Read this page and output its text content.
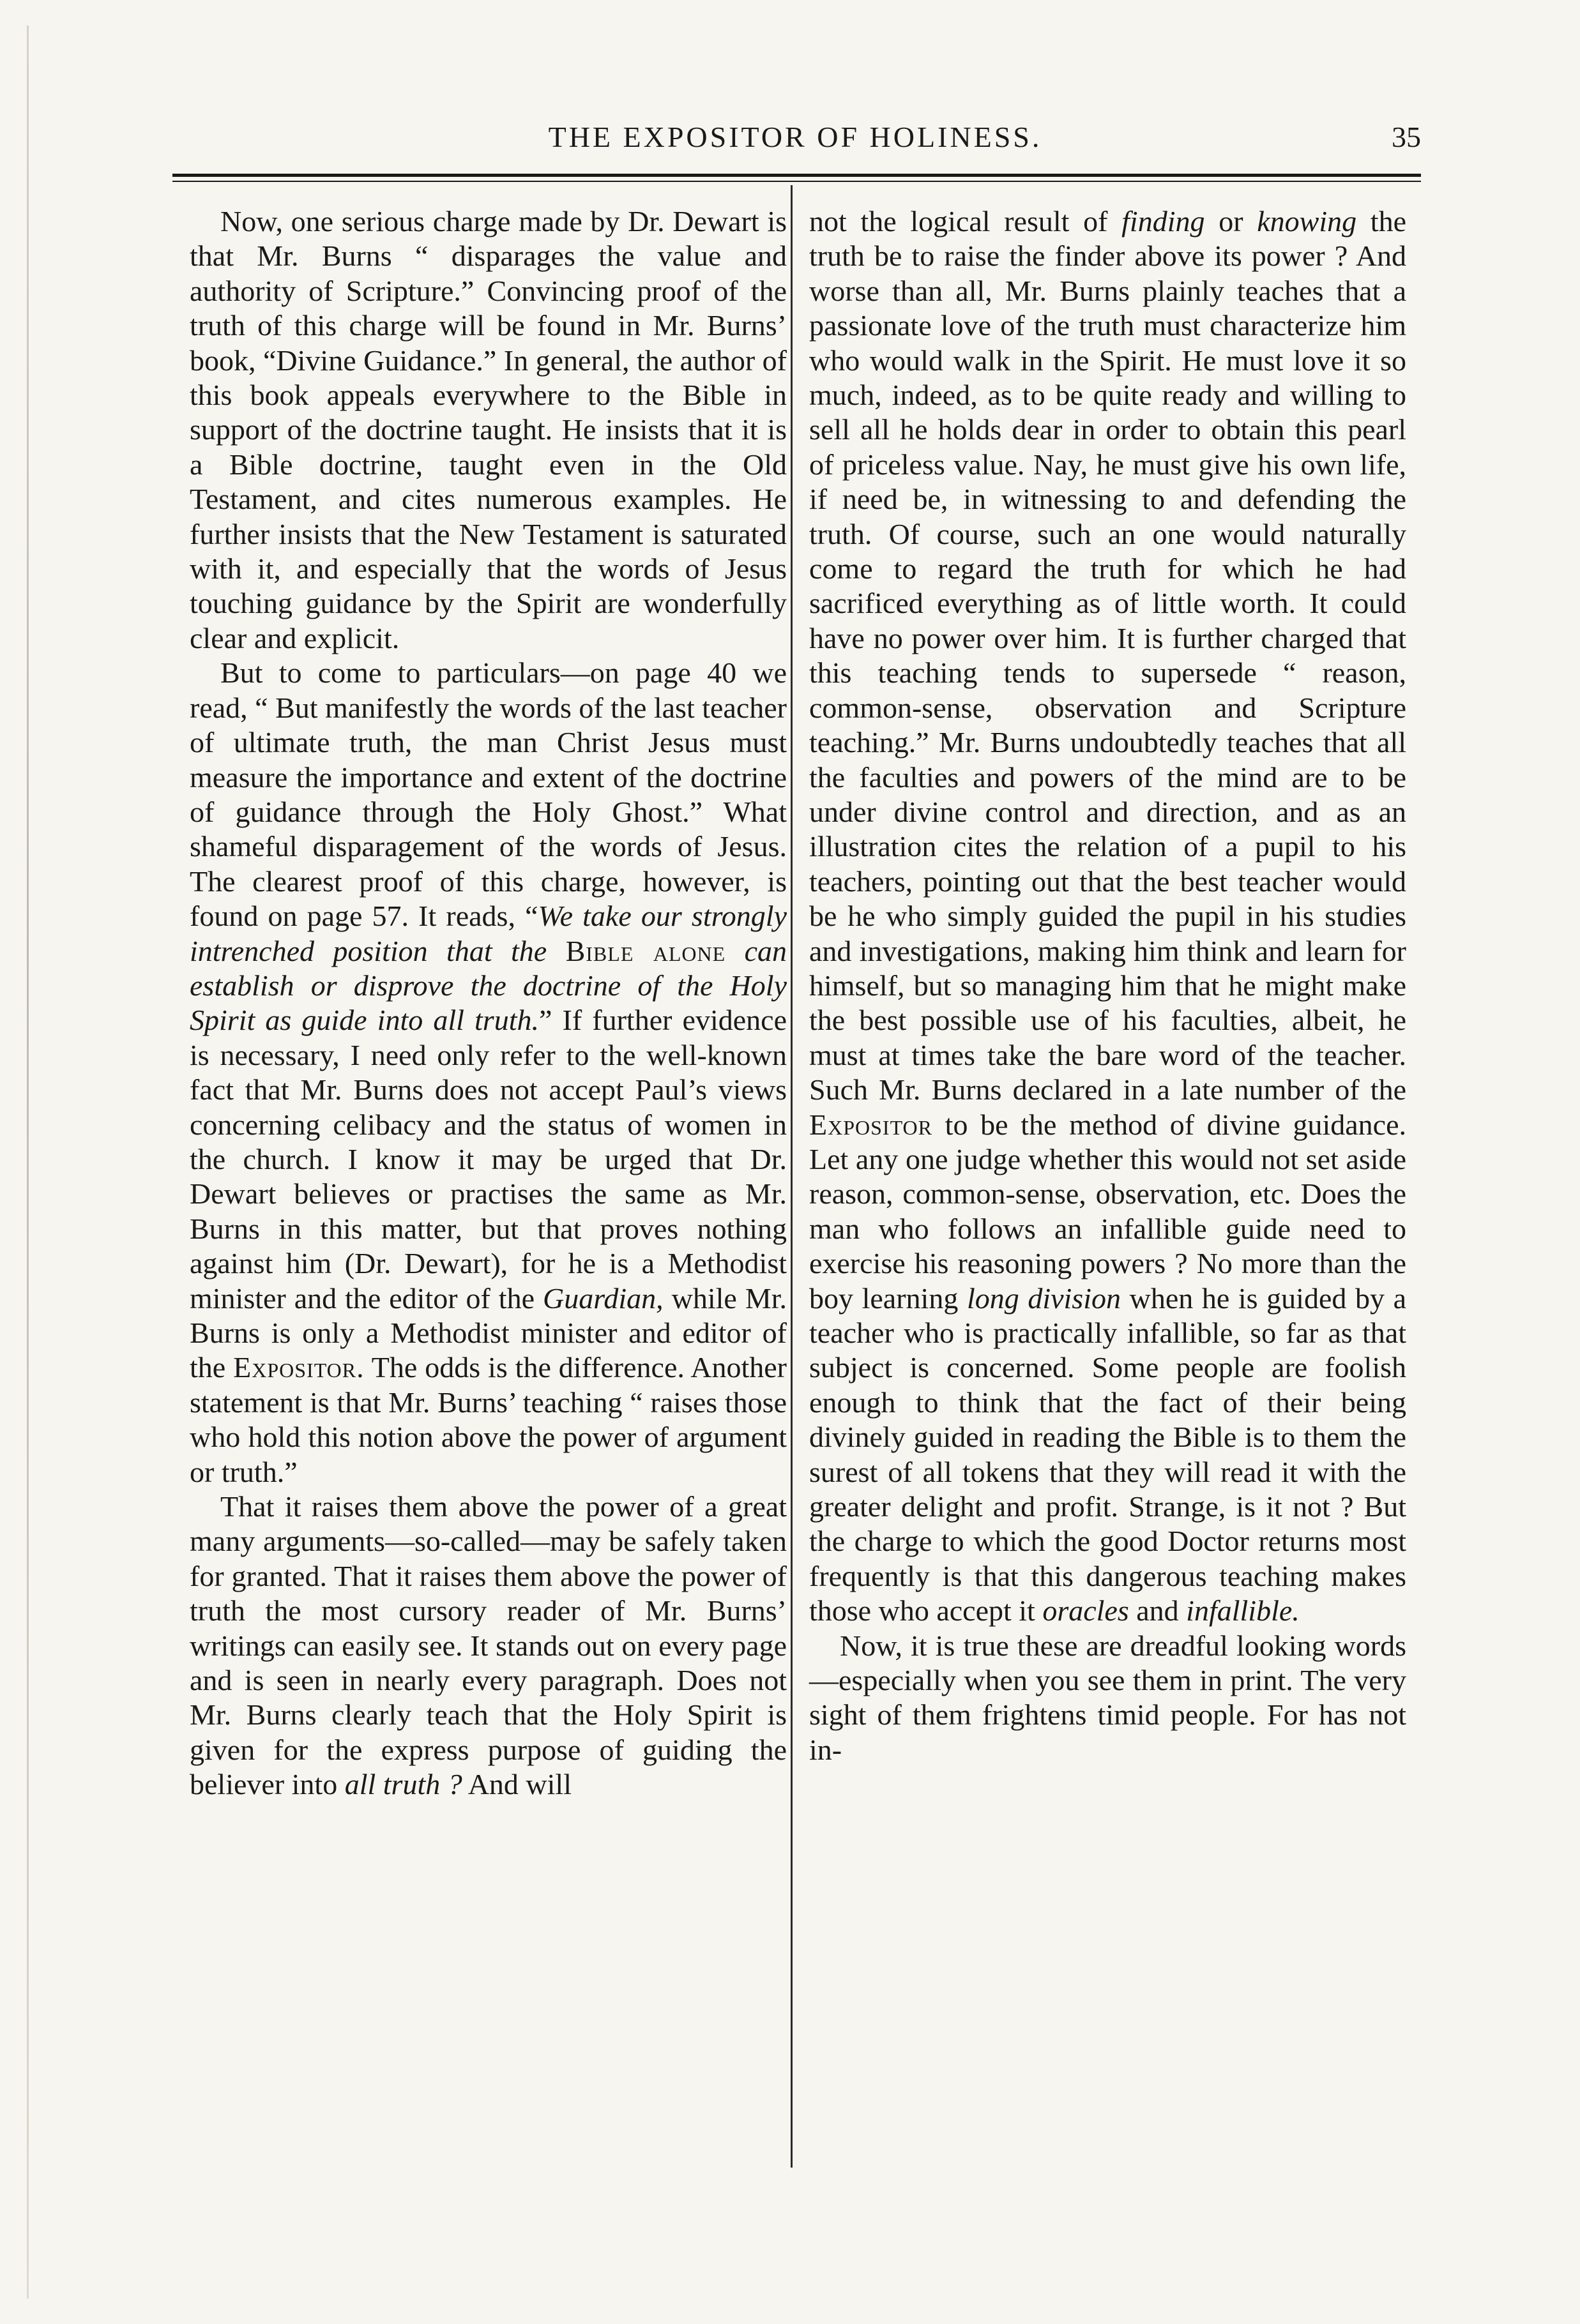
THE EXPOSITOR OF HOLINESS.	35

Now, one serious charge made by Dr. Dewart is that Mr. Burns “ disparages the value and authority of Scripture.” Convincing proof of the truth of this charge will be found in Mr. Burns’ book, “Divine Guidance.” In general, the author of this book appeals everywhere to the Bible in support of the doctrine taught. He insists that it is a Bible doctrine, taught even in the Old Testament, and cites numerous examples. He further insists that the New Testament is saturated with it, and especially that the words of Jesus touching guidance by the Spirit are wonderfully clear and explicit.

But to come to particulars—on page 40 we read, “ But manifestly the words of the last teacher of ultimate truth, the man Christ Jesus must measure the importance and extent of the doctrine of guidance through the Holy Ghost.” What shameful disparagement of the words of Jesus. The clearest proof of this charge, however, is found on page 57. It reads, “We take our strongly intrenched position that the Bible alone can establish or disprove the doctrine of the Holy Spirit as guide into all truth.” If further evidence is necessary, I need only refer to the well-known fact that Mr. Burns does not accept Paul’s views concerning celibacy and the status of women in the church. I know it may be urged that Dr. Dewart believes or practises the same as Mr. Burns in this matter, but that proves nothing against him (Dr. Dewart), for he is a Methodist minister and the editor of the Guardian, while Mr. Burns is only a Methodist minister and editor of the Expositor. The odds is the difference. Another statement is that Mr. Burns’ teaching “ raises those who hold this notion above the power of argument or truth.”

That it raises them above the power of a great many arguments—so-called—may be safely taken for granted. That it raises them above the power of truth the most cursory reader of Mr. Burns’ writings can easily see. It stands out on every page and is seen in nearly every paragraph. Does not Mr. Burns clearly teach that the Holy Spirit is given for the express purpose of guiding the believer into all truth ? And will

not the logical result of finding or knowing the truth be to raise the finder above its power ? And worse than all, Mr. Burns plainly teaches that a passionate love of the truth must characterize him who would walk in the Spirit. He must love it so much, indeed, as to be quite ready and willing to sell all he holds dear in order to obtain this pearl of priceless value. Nay, he must give his own life, if need be, in witnessing to and defending the truth. Of course, such an one would naturally come to regard the truth for which he had sacrificed everything as of little worth. It could have no power over him. It is further charged that this teaching tends to supersede “ reason, common-sense, observation and Scripture teaching.” Mr. Burns undoubtedly teaches that all the faculties and powers of the mind are to be under divine control and direction, and as an illustration cites the relation of a pupil to his teachers, pointing out that the best teacher would be he who simply guided the pupil in his studies and investigations, making him think and learn for himself, but so managing him that he might make the best possible use of his faculties, albeit, he must at times take the bare word of the teacher. Such Mr. Burns declared in a late number of the Expositor to be the method of divine guidance. Let any one judge whether this would not set aside reason, common-sense, observation, etc. Does the man who follows an infallible guide need to exercise his reasoning powers ? No more than the boy learning long division when he is guided by a teacher who is practically infallible, so far as that subject is concerned. Some people are foolish enough to think that the fact of their being divinely guided in reading the Bible is to them the surest of all tokens that they will read it with the greater delight and profit. Strange, is it not ? But the charge to which the good Doctor returns most frequently is that this dangerous teaching makes those who accept it oracles and infallible.

Now, it is true these are dreadful looking words—especially when you see them in print. The very sight of them frightens timid people. For has not in-
